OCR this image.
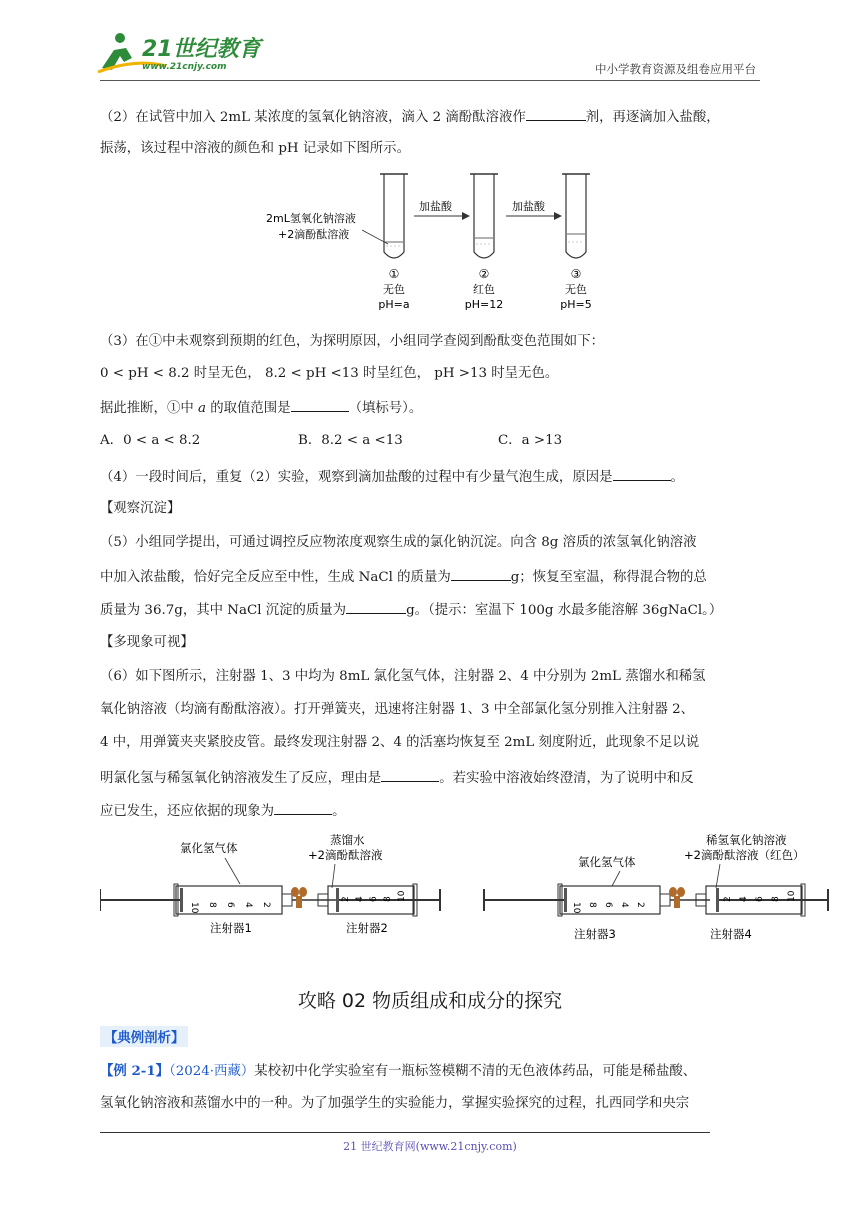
21世纪教育
www.21cnjy.com	中小学教育资源及组卷应用平台
（2）在试管中加入 2mL 某浓度的氢氧化钠溶液，滴入 2 滴酚酞溶液作	剂，再逐滴加入盐酸，
振荡，该过程中溶液的颜色和 pH 记录如下图所示。
2mL氢氧化钠溶液
+2滴酚酞溶液
加盐酸	加盐酸
①
无色
pH=a
②
红色
pH=12
③
无色
pH=5
（3）在①中未观察到预期的红色，为探明原因，小组同学查阅到酚酞变色范围如下：
0 < pH < 8.2 时呈无色， 8.2 < pH <13 时呈红色， pH >13 时呈无色。
据此推断，①中 a 的取值范围是	（填标号）。
A．0 < a < 8.2	B．8.2 < a <13	C．a >13
（4）一段时间后，重复（2）实验，观察到滴加盐酸的过程中有少量气泡生成，原因是	。
【观察沉淀】
（5）小组同学提出，可通过调控反应物浓度观察生成的氯化钠沉淀。向含 8g 溶质的浓氢氧化钠溶液
中加入浓盐酸，恰好完全反应至中性，生成 NaCl 的质量为	g；恢复至室温，称得混合物的总
质量为 36.7g，其中 NaCl 沉淀的质量为	g。（提示：室温下 100g 水最多能溶解 36gNaCl。）
【多现象可视】
（6）如下图所示，注射器 1、3 中均为 8mL 氯化氢气体，注射器 2、4 中分别为 2mL 蒸馏水和稀氢
氧化钠溶液（均滴有酚酞溶液）。打开弹簧夹，迅速将注射器 1、3 中全部氯化氢分别推入注射器 2、
4 中，用弹簧夹夹紧胶皮管。最终发现注射器 2、4 的活塞均恢复至 2mL 刻度附近，此现象不足以说
明氯化氢与稀氢氧化钠溶液发生了反应，理由是	。若实验中溶液始终澄清，为了说明中和反
应已发生，还应依据的现象为	。
氯化氢气体
蒸馏水
+2滴酚酞溶液
10 8 6 4 2
2 4 6 8 10
注射器1	注射器2
氯化氢气体
稀氢氧化钠溶液
+2滴酚酞溶液（红色）
10 8 6 4 2
2 4 6 8 10
注射器3	注射器4
攻略 02 物质组成和成分的探究
【典例剖析】
【例 2-1】（2024·西藏）某校初中化学实验室有一瓶标签模糊不清的无色液体药品，可能是稀盐酸、
氢氧化钠溶液和蒸馏水中的一种。为了加强学生的实验能力，掌握实验探究的过程，扎西同学和央宗
21 世纪教育网(www.21cnjy.com)
